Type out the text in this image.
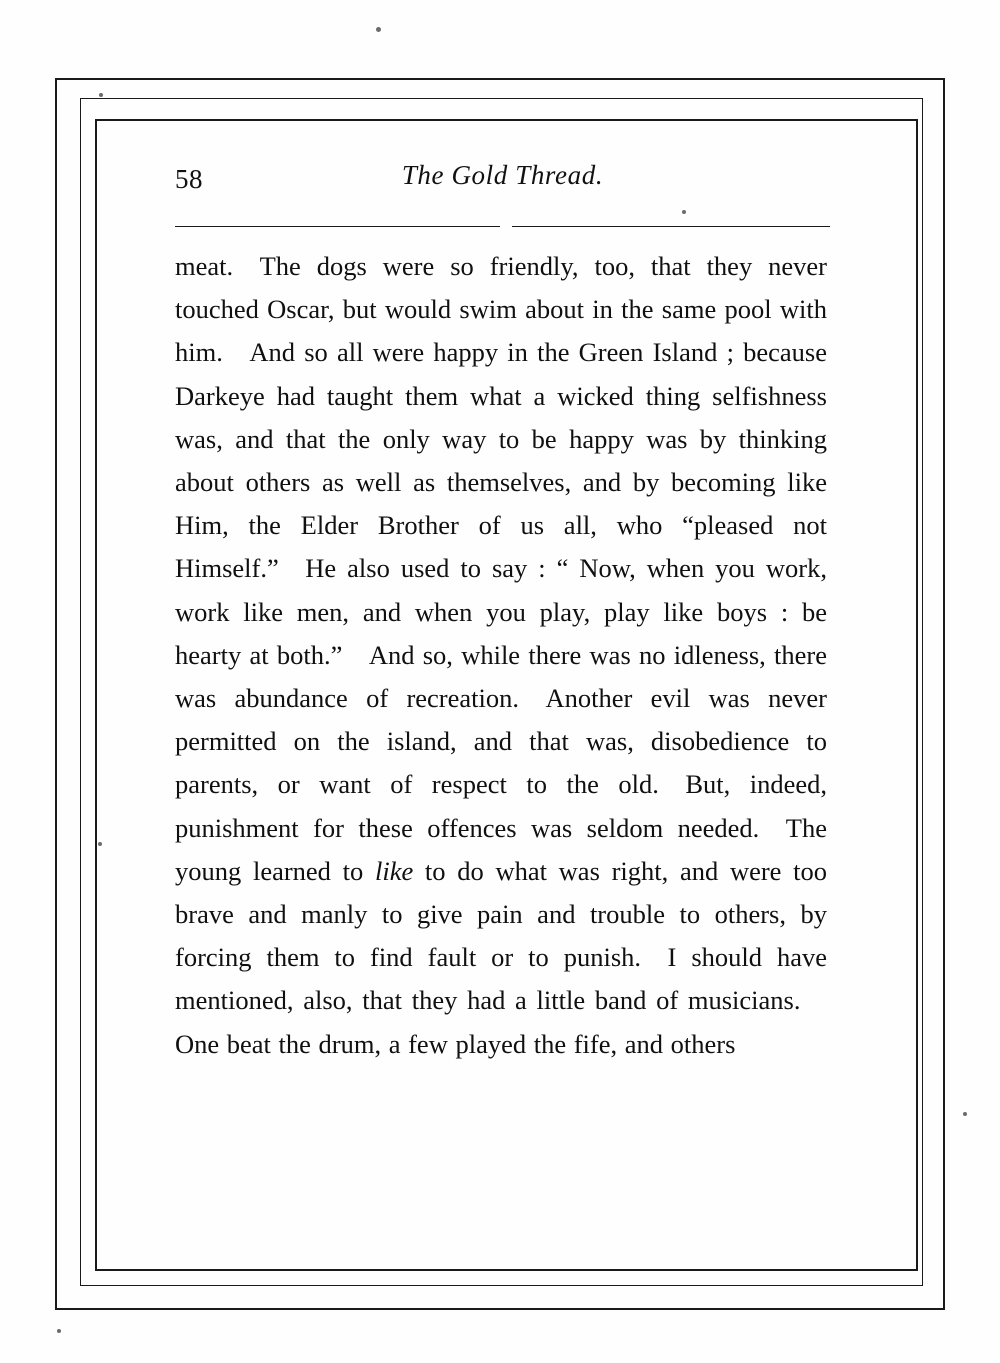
58	The Gold Thread.

meat. The dogs were so friendly, too, that they never touched Oscar, but would swim about in the same pool with him. And so all were happy in the Green Island ; because Darkeye had taught them what a wicked thing selfishness was, and that the only way to be happy was by thinking about others as well as themselves, and by becoming like Him, the Elder Brother of us all, who “pleased not Himself.” He also used to say : “ Now, when you work, work like men, and when you play, play like boys : be hearty at both.” And so, while there was no idleness, there was abundance of recreation. Another evil was never permitted on the island, and that was, disobedience to parents, or want of respect to the old. But, indeed, punishment for these offences was seldom needed. The young learned to like to do what was right, and were too brave and manly to give pain and trouble to others, by forcing them to find fault or to punish. I should have mentioned, also, that they had a little band of musicians. One beat the drum, a few played the fife, and others
